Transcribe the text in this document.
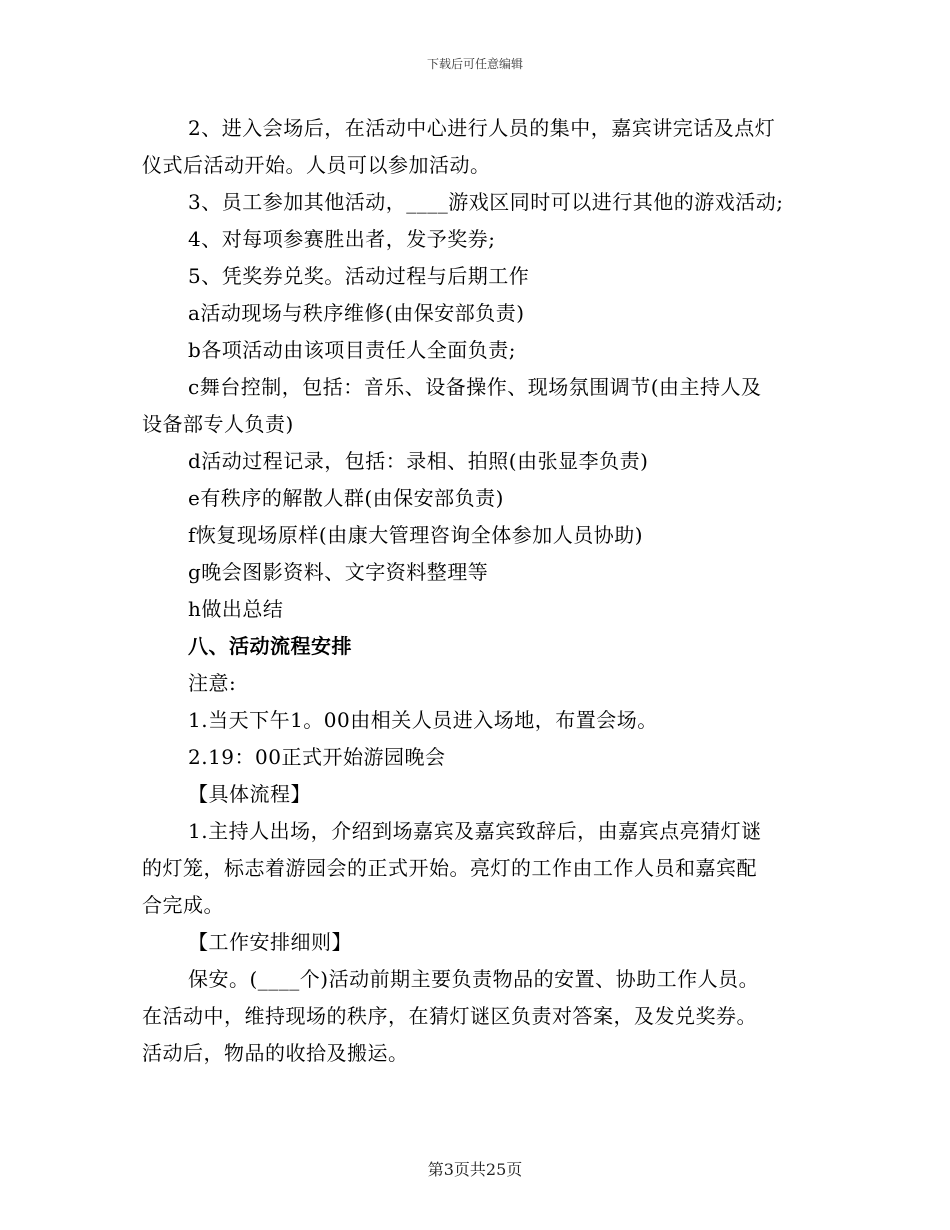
下载后可任意编辑
2、进入会场后，在活动中心进行人员的集中，嘉宾讲完话及点灯
仪式后活动开始。人员可以参加活动。
3、员工参加其他活动，____游戏区同时可以进行其他的游戏活动;
4、对每项参赛胜出者，发予奖券;
5、凭奖券兑奖。活动过程与后期工作
a活动现场与秩序维修(由保安部负责)
b各项活动由该项目责任人全面负责;
c舞台控制，包括：音乐、设备操作、现场氛围调节(由主持人及
设备部专人负责)
d活动过程记录，包括：录相、拍照(由张显李负责)
e有秩序的解散人群(由保安部负责)
f恢复现场原样(由康大管理咨询全体参加人员协助)
g晚会图影资料、文字资料整理等
h做出总结
八、活动流程安排
注意:
1.当天下午1。00由相关人员进入场地，布置会场。
2.19：00正式开始游园晚会
【具体流程】
1.主持人出场，介绍到场嘉宾及嘉宾致辞后，由嘉宾点亮猜灯谜
的灯笼，标志着游园会的正式开始。亮灯的工作由工作人员和嘉宾配
合完成。
【工作安排细则】
保安。(____个)活动前期主要负责物品的安置、协助工作人员。
在活动中，维持现场的秩序，在猜灯谜区负责对答案，及发兑奖券。
活动后，物品的收拾及搬运。
第3页共25页
